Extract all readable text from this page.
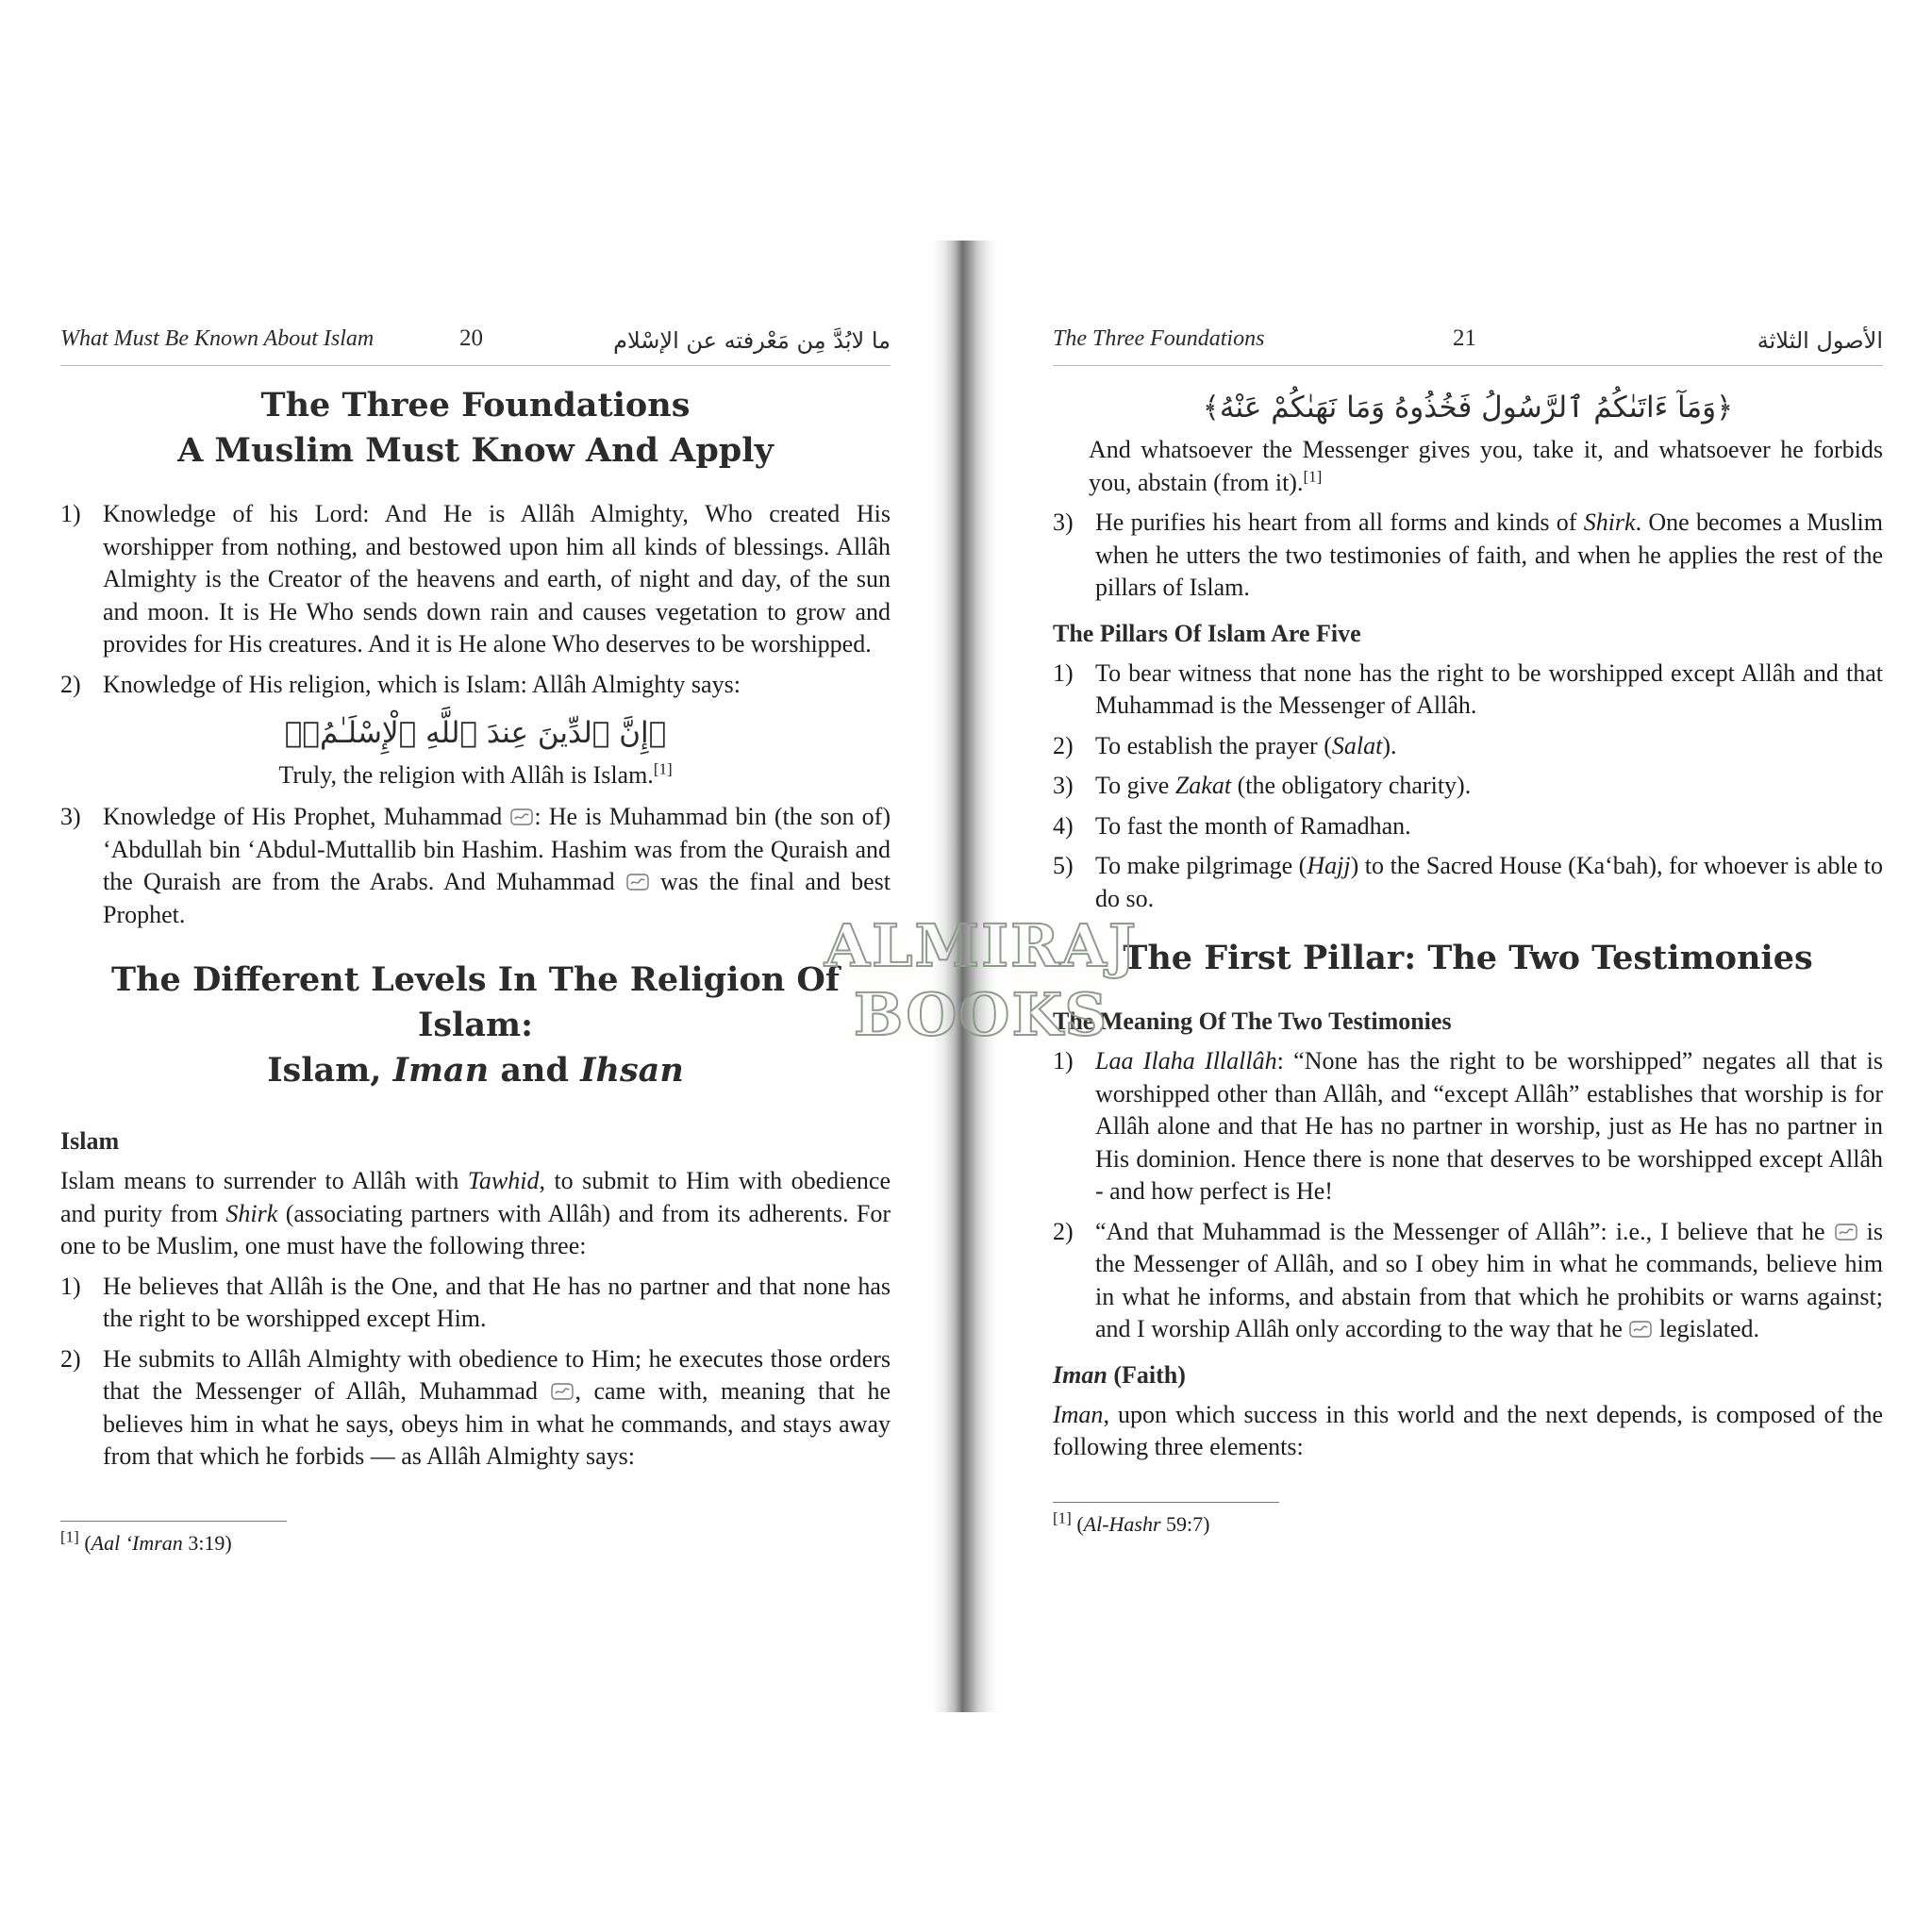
What Must Be Known About Islam	20	ما لابُدَّ مِن مَعْرفته عن الإسْلام
The Three Foundations
A Muslim Must Know And Apply
1) Knowledge of his Lord: And He is Allâh Almighty, Who created His worshipper from nothing, and bestowed upon him all kinds of blessings. Allâh Almighty is the Creator of the heavens and earth, of night and day, of the sun and moon. It is He Who sends down rain and causes vegetation to grow and provides for His creatures. And it is He alone Who deserves to be worshipped.
2) Knowledge of His religion, which is Islam: Allâh Almighty says:
﴿إِنَّ ٱلدِّينَ عِندَ ٱللَّهِ ٱلْإِسْلَـٰمُۗ﴾
Truly, the religion with Allâh is Islam.[1]
3) Knowledge of His Prophet, Muhammad : He is Muhammad bin (the son of) ‘Abdullah bin ‘Abdul-Muttallib bin Hashim. Hashim was from the Quraish and the Quraish are from the Arabs. And Muhammad  was the final and best Prophet.
The Different Levels In The Religion Of Islam:
Islam, Iman and Ihsan
Islam

Islam means to surrender to Allâh with Tawhid, to submit to Him with obedience and purity from Shirk (associating partners with Allâh) and from its adherents. For one to be Muslim, one must have the following three:

1) He believes that Allâh is the One, and that He has no partner and that none has the right to be worshipped except Him.
2) He submits to Allâh Almighty with obedience to Him; he executes those orders that the Messenger of Allâh, Muhammad , came with, meaning that he believes him in what he says, obeys him in what he commands, and stays away from that which he forbids — as Allâh Almighty says:
[1] (Aal ‘Imran 3:19)
The Three Foundations	21	الأصول الثلاثة
﴿وَمَآ ءَاتَىٰكُمُ ٱلرَّسُولُ فَخُذُوهُ وَمَا نَهَىٰكُمْ عَنْهُ﴾

And whatsoever the Messenger gives you, take it, and whatsoever he forbids you, abstain (from it).[1]

3) He purifies his heart from all forms and kinds of Shirk. One becomes a Muslim when he utters the two testimonies of faith, and when he applies the rest of the pillars of Islam.
The Pillars Of Islam Are Five
1) To bear witness that none has the right to be worshipped except Allâh and that Muhammad is the Messenger of Allâh.
2) To establish the prayer (Salat).
3) To give Zakat (the obligatory charity).
4) To fast the month of Ramadhan.
5) To make pilgrimage (Hajj) to the Sacred House (Ka‘bah), for whoever is able to do so.
The First Pillar: The Two Testimonies
The Meaning Of The Two Testimonies
1) Laa Ilaha Illallâh: “None has the right to be worshipped” negates all that is worshipped other than Allâh, and “except Allâh” establishes that worship is for Allâh alone and that He has no partner in worship, just as He has no partner in His dominion. Hence there is none that deserves to be worshipped except Allâh - and how perfect is He!
2) “And that Muhammad is the Messenger of Allâh”: i.e., I believe that he  is the Messenger of Allâh, and so I obey him in what he commands, believe him in what he informs, and abstain from that which he prohibits or warns against; and I worship Allâh only according to the way that he  legislated.
Iman (Faith)

Iman, upon which success in this world and the next depends, is composed of the following three elements:

[1] (Al-Hashr 59:7)
